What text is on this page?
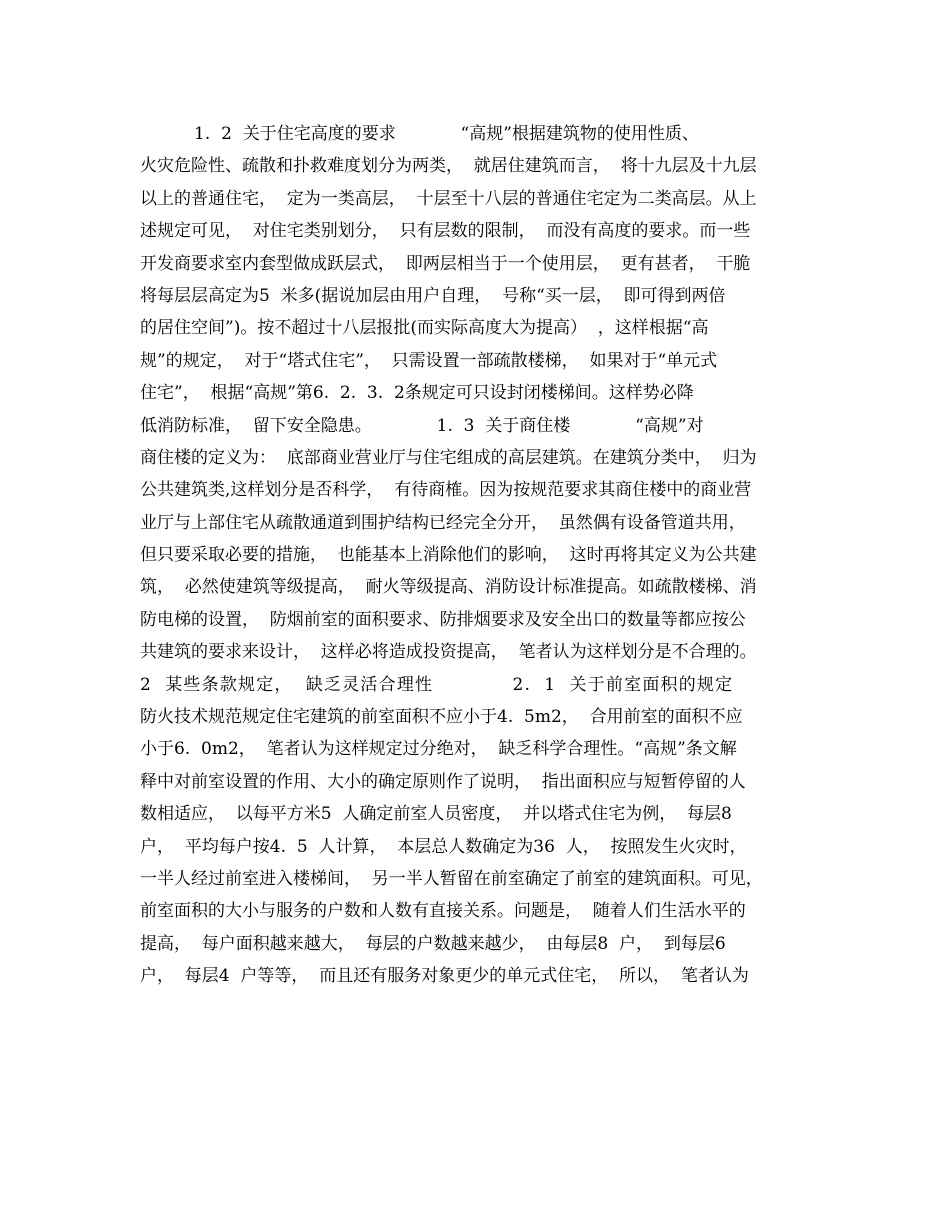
1.  2  关于住宅高度的要求            “高规”根据建筑物的使用性质、
火灾危险性、疏散和扑救难度划分为两类，  就居住建筑而言，  将十九层及十九层
以上的普通住宅，  定为一类高层，  十层至十八层的普通住宅定为二类高层。从上
述规定可见，  对住宅类别划分，  只有层数的限制，  而没有高度的要求。而一些
开发商要求室内套型做成跃层式，  即两层相当于一个使用层，  更有甚者，  干脆
将每层层高定为5  米多(据说加层由用户自理，  号称“买一层，  即可得到两倍
的居住空间”)。按不超过十八层报批(而实际高度大为提高）  ，这样根据“高
规”的规定，  对于“塔式住宅”，  只需设置一部疏散楼梯，  如果对于“单元式
住宅”，  根据“高规”第6.  2.  3.  2条规定可只设封闭楼梯间。这样势必降
低消防标准，  留下安全隐患。            1.  3  关于商住楼            “高规”对
商住楼的定义为：  底部商业营业厅与住宅组成的高层建筑。在建筑分类中，  归为
公共建筑类,这样划分是否科学，  有待商榷。因为按规范要求其商住楼中的商业营
业厅与上部住宅从疏散通道到围护结构已经完全分开，  虽然偶有设备管道共用，
但只要采取必要的措施，  也能基本上消除他们的影响，  这时再将其定义为公共建
筑，  必然使建筑等级提高，  耐火等级提高、消防设计标准提高。如疏散楼梯、消
防电梯的设置，  防烟前室的面积要求、防排烟要求及安全出口的数量等都应按公
共建筑的要求来设计，  这样必将造成投资提高，  笔者认为这样划分是不合理的。
2  某些条款规定，  缺乏灵活合理性            2.  1  关于前室面积的规定
防火技术规范规定住宅建筑的前室面积不应小于4.  5m2，  合用前室的面积不应
小于6.  0m2，  笔者认为这样规定过分绝对，  缺乏科学合理性。“高规”条文解
释中对前室设置的作用、大小的确定原则作了说明，  指出面积应与短暂停留的人
数相适应，  以每平方米5  人确定前室人员密度，  并以塔式住宅为例，  每层8
户，  平均每户按4.  5  人计算，  本层总人数确定为36  人，  按照发生火灾时，
一半人经过前室进入楼梯间，  另一半人暂留在前室确定了前室的建筑面积。可见，
前室面积的大小与服务的户数和人数有直接关系。问题是，  随着人们生活水平的
提高，  每户面积越来越大，  每层的户数越来越少，  由每层8  户，  到每层6
户，  每层4  户等等，  而且还有服务对象更少的单元式住宅，  所以，  笔者认为
